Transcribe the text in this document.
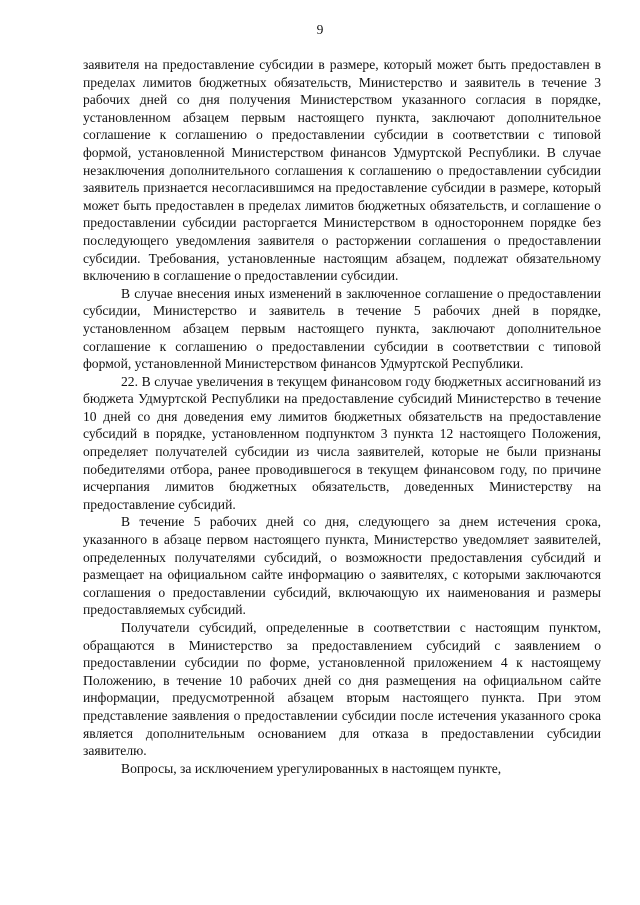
9

заявителя на предоставление субсидии в размере, который может быть предоставлен в пределах лимитов бюджетных обязательств, Министерство и заявитель в течение 3 рабочих дней со дня получения Министерством указанного согласия в порядке, установленном абзацем первым настоящего пункта, заключают дополнительное соглашение к соглашению о предоставлении субсидии в соответствии с типовой формой, установленной Министерством финансов Удмуртской Республики. В случае незаключения дополнительного соглашения к соглашению о предоставлении субсидии заявитель признается несогласившимся на предоставление субсидии в размере, который может быть предоставлен в пределах лимитов бюджетных обязательств, и соглашение о предоставлении субсидии расторгается Министерством в одностороннем порядке без последующего уведомления заявителя о расторжении соглашения о предоставлении субсидии. Требования, установленные настоящим абзацем, подлежат обязательному включению в соглашение о предоставлении субсидии.

В случае внесения иных изменений в заключенное соглашение о предоставлении субсидии, Министерство и заявитель в течение 5 рабочих дней в порядке, установленном абзацем первым настоящего пункта, заключают дополнительное соглашение к соглашению о предоставлении субсидии в соответствии с типовой формой, установленной Министерством финансов Удмуртской Республики.

22. В случае увеличения в текущем финансовом году бюджетных ассигнований из бюджета Удмуртской Республики на предоставление субсидий Министерство в течение 10 дней со дня доведения ему лимитов бюджетных обязательств на предоставление субсидий в порядке, установленном подпунктом 3 пункта 12 настоящего Положения, определяет получателей субсидии из числа заявителей, которые не были признаны победителями отбора, ранее проводившегося в текущем финансовом году, по причине исчерпания лимитов бюджетных обязательств, доведенных Министерству на предоставление субсидий.

В течение 5 рабочих дней со дня, следующего за днем истечения срока, указанного в абзаце первом настоящего пункта, Министерство уведомляет заявителей, определенных получателями субсидий, о возможности предоставления субсидий и размещает на официальном сайте информацию о заявителях, с которыми заключаются соглашения о предоставлении субсидий, включающую их наименования и размеры предоставляемых субсидий.

Получатели субсидий, определенные в соответствии с настоящим пунктом, обращаются в Министерство за предоставлением субсидий с заявлением о предоставлении субсидии по форме, установленной приложением 4 к настоящему Положению, в течение 10 рабочих дней со дня размещения на официальном сайте информации, предусмотренной абзацем вторым настоящего пункта. При этом представление заявления о предоставлении субсидии после истечения указанного срока является дополнительным основанием для отказа в предоставлении субсидии заявителю.

Вопросы, за исключением урегулированных в настоящем пункте,
